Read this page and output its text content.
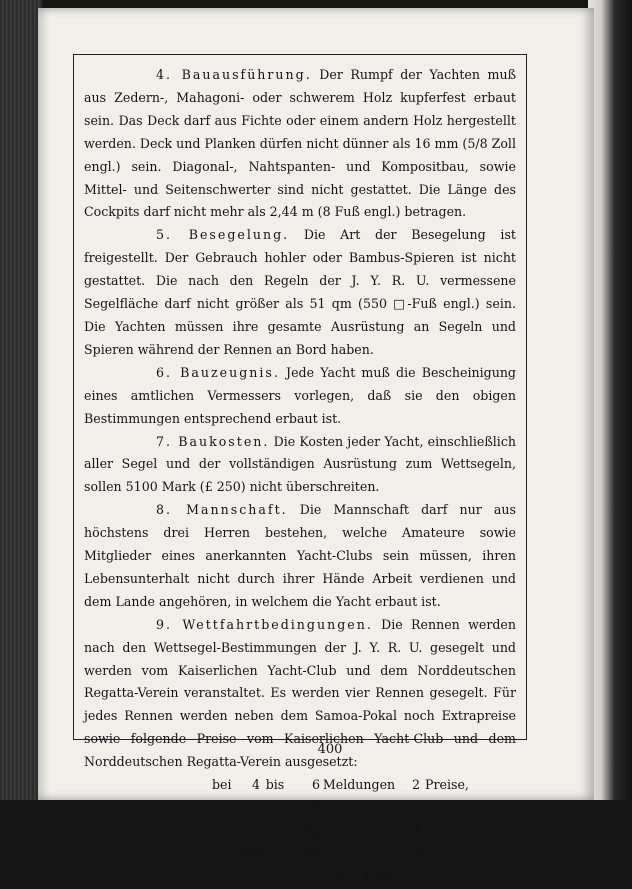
4. Bauausführung. Der Rumpf der Yachten muß aus Zedern-, Mahagoni- oder schwerem Holz kupferfest erbaut sein. Das Deck darf aus Fichte oder einem andern Holz hergestellt werden. Deck und Planken dürfen nicht dünner als 16 mm (5/8 Zoll engl.) sein. Diagonal-, Nahtspanten- und Kompositbau, sowie Mittel- und Seitenschwerter sind nicht gestattet. Die Länge des Cockpits darf nicht mehr als 2,44 m (8 Fuß engl.) betragen.

5. Besegelung. Die Art der Besegelung ist freigestellt. Der Gebrauch hohler oder Bambus-Spieren ist nicht gestattet. Die nach den Regeln der J. Y. R. U. vermessene Segelfläche darf nicht größer als 51 qm (550 □-Fuß engl.) sein. Die Yachten müssen ihre gesamte Ausrüstung an Segeln und Spieren während der Rennen an Bord haben.

6. Bauzeugnis. Jede Yacht muß die Bescheinigung eines amtlichen Vermessers vorlegen, daß sie den obigen Bestimmungen entsprechend erbaut ist.

7. Baukosten. Die Kosten jeder Yacht, einschließlich aller Segel und der vollständigen Ausrüstung zum Wettsegeln, sollen 5100 Mark (£ 250) nicht überschreiten.

8. Mannschaft. Die Mannschaft darf nur aus höchstens drei Herren bestehen, welche Amateure sowie Mitglieder eines anerkannten Yacht-Clubs sein müssen, ihren Lebensunterhalt nicht durch ihrer Hände Arbeit verdienen und dem Lande angehören, in welchem die Yacht erbaut ist.

9. Wettfahrtbedingungen. Die Rennen werden nach den Wettsegel-Bestimmungen der J. Y. R. U. gesegelt und werden vom Kaiserlichen Yacht-Club und dem Norddeutschen Regatta-Verein veranstaltet. Es werden vier Rennen gesegelt. Für jedes Rennen werden neben dem Samoa-Pokal noch Extrapreise sowie folgende Preise vom Kaiserlichen Yacht-Club und dem Norddeutschen Regatta-Verein ausgesetzt:

bei	4 bis	6 Meldungen	2 Preise,
„	7 „	9	„	3	„
„	10 „	12	„	4	„
„	13 „	15	„	5	„
und so fort.
400
